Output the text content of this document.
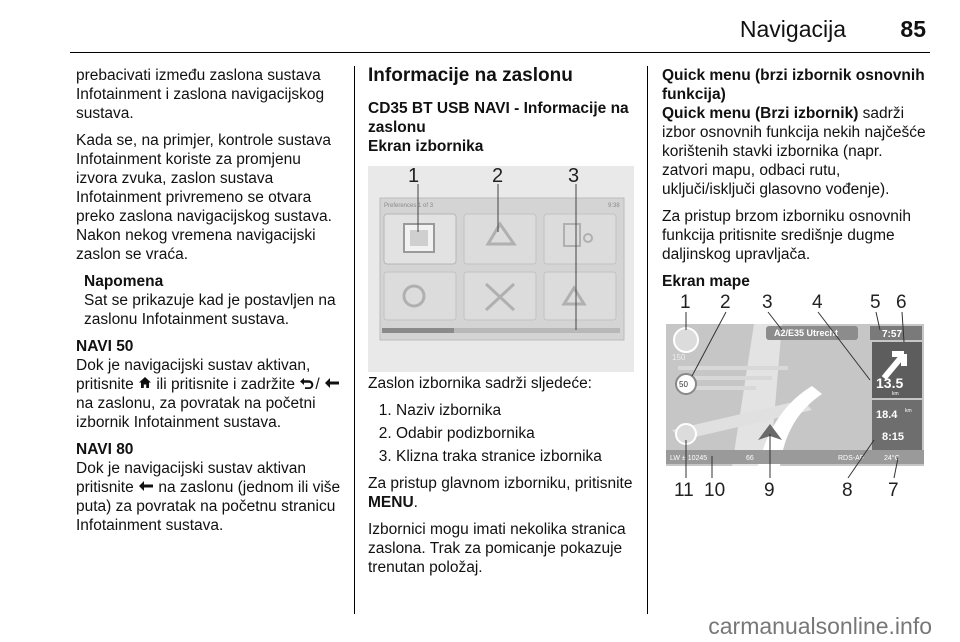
Navigacija 85

prebacivati između zaslona sustava Infotainment i zaslona navigacijskog sustava.

Kada se, na primjer, kontrole sustava Infotainment koriste za promjenu izvora zvuka, zaslon sustava Infotainment privremeno se otvara preko zaslona navigacijskog sustava. Nakon nekog vremena navigacijski zaslon se vraća.

Napomena

Sat se prikazuje kad je postavljen na zaslonu Infotainment sustava.

NAVI 50

Dok je navigacijski sustav aktivan, pritisnite ili pritisnite i zadržite /  na zaslonu, za povratak na početni izbornik Infotainment sustava.

NAVI 80

Dok je navigacijski sustav aktivan pritisnite na zaslonu (jednom ili više puta) za povratak na početnu stranicu Infotainment sustava.

Informacije na zaslonu
CD35 BT USB NAVI - Informacije na zaslonu
Ekran izbornika

Zaslon izbornika sadrži sljedeće:

1. Naziv izbornika
2. Odabir podizbornika
3. Klizna traka stranice izbornika

Za pristup glavnom izborniku, pritisnite MENU.

Izbornici mogu imati nekolika stranica zaslona. Trak za pomicanje pokazuje trenutan položaj.

Preferences 1 of 3	9:38
1	2	3
Quick menu (brzi izbornik osnovnih funkcija)

Quick menu (Brzi izbornik) sadrži izbor osnovnih funkcija nekih najčešće korištenih stavki izbornika (napr. zatvori mapu, odbaci rutu, uključi/isključi glasovno vođenje).

Za pristup brzom izborniku osnovnih funkcija pritisnite središnje dugme daljinskog upravljača.

Ekran mape
A2/E35 Utrecht	7:57
13.5
km
18.4 km
8:15
150
50
LW ± 10245	66	RDS-AF	24°C
1 2 3 4 5 6
11 10 9	8 7
carmanualsonline.info
